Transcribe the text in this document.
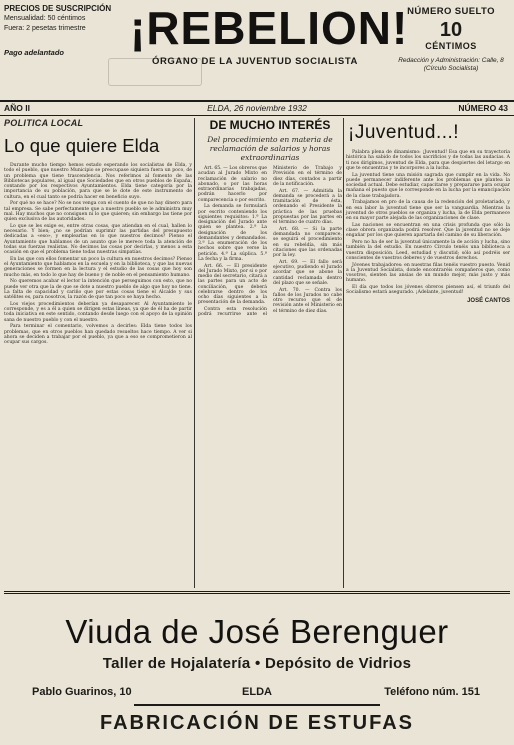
PRECIOS DE SUSCRIPCIÓN
Mensualidad: 50 céntimos
Fuera: 2 pesetas trimestre
Pago adelantado	¡REBELION!
ÓRGANO DE LA JUVENTUD SOCIALISTA
NÚMERO SUELTO
10
CÉNTIMOS
Redacción y Administración: Calle, 8 (Círculo Socialista)
AÑO II	ELDA, 26 noviembre 1932	NÚMERO 43
POLITICA LOCAL
Lo que quiere Elda

Durante mucho tiempo hemos estado esperando los socialistas de Elda, y todo el pueblo, que nuestro Municipio se preocupase siquiera fuera un poco, de un problema que tiene trascendencia. Nos referimos al fomento de las Bibliotecas populares, al igual que Sociedades que en otros pueblos de España, contando por los respectivos Ayuntamientos. Elda tiene categoría por la importancia de su población, para que se le dote de este instrumento de cultura, en el cual tanto se podría hacer en beneficio suyo.

Por qué no se hace? No se nos venga con el cuento de que no hay dinero para tal empresa. Se sabe perfectamente que a nuestro pueblo se le administra muy mal. Hay muchos que no consiguen ni lo que quieren; sin embargo las tiene por quien exclusiva de las autoridades.

Lo que se les exige es, entre otras cosas, que atiendan en el cual, hallen lo necesario. Y bien; ¿no se podrían suprimir las partidas del presupuesto dedicadas a «eso», y emplearlas en lo que nuestros decimos? Pienso el Ayuntamiento que hablamos de un asunto que le merece toda la atención de todas sus fuerzas realistas. No decimos las cosas por decirlas, y menos a esta ocasión en que el problema tiene todas nuestras simpatías.

En las que con ellos fomentar un poco la cultura en nuestros decimos? Pienso el Ayuntamiento que hablamos en la escuela y en la biblioteca, y que las nuevas generaciones se formen en la lectura y el estudio de las cosas que hoy son mucho más, en todo lo que hay de bueno y de noble en el pensamiento humano.

No queremos acabar el lector la intención que perseguimos con esto, que no puede ver otra que la de que se dote a nuestro pueblo de algo que hoy no tiene. La falta de capacidad y cariño que por estas cosas tiene el Alcalde y sus satélites es, para nosotros, la razón de que tan poco se haya hecho.

Los viejos procedimientos deberían ya desaparecer. Al Ayuntamiento le corresponde, y es a él a quien se dirigen estas líneas, ya que de él ha de partir toda iniciativa en este sentido, contando desde luego con el apoyo de la opinión sana de nuestro pueblo y con el nuestro.

Para terminar el comentario, volvemos a decirles: Elda tiene todos los problemas, que en otros pueblos han quedado resueltos hace tiempo. A ver si ahora se deciden a trabajar por el pueblo, ya que a eso se comprometieron al ocupar sus cargos.

DE MUCHO INTERÉS
Del procedimiento en materia de reclamación de salarios y horas extraordinarias

Art. 65. — Los obreros que acudan al Jurado Mixto en reclamación de salario no abonado, o por las horas extraordinarias trabajadas, podrán hacerlo por comparecencia o por escrito.

La demanda se formulará por escrito conteniendo los siguientes requisitos: 1.ª La designación del Jurado ante quien se plantea. 2.ª La designación de los demandantes y demandados. 3.ª La enumeración de los hechos sobre que verse la petición. 4.ª La súplica. 5.ª La fecha y la firma.

Art. 66. — El presidente del Jurado Mixto, por si o por medio del secretario, citará a las partes para un acto de conciliación, que deberá celebrarse dentro de los ocho días siguientes a la presentación de la demanda.

Contra esta resolución podrá recurrirse ante el Ministerio de Trabajo y Previsión en el término de diez días, contados a partir de la notificación.

Art. 67. — Admitida la demanda se procederá a la tramitación de ésta, ordenando el Presidente la práctica de las pruebas propuestas por las partes en el término de cuatro días.

Art. 68. — Si la parte demandada no comparece, se seguirá el procedimiento en su rebeldía, sin más citaciones que las ordenadas por la ley.

Art. 69. — El fallo será ejecutivo, pudiendo el Jurado acordar que se abone la cantidad reclamada dentro del plazo que se señale.

Art. 70. — Contra los fallos de los Jurados no cabe otro recurso que el de revisión ante el Ministerio en el término de diez días.

¡Juventud...!

Palabra plena de dinamismo: ¡Juventud! Esa que en su trayectoria histórica ha sabido de todos los sacrificios y de todas las audacias. A ti nos dirigimos, juventud de Elda, para que despiertes del letargo en que te encuentras y te incorpores a la lucha.

La juventud tiene una misión sagrada que cumplir en la vida. No puede permanecer indiferente ante los problemas que plantea la sociedad actual. Debe estudiar, capacitarse y prepararse para ocupar mañana el puesto que le corresponde en la lucha por la emancipación de la clase trabajadora.

Trabajamos en pro de la causa de la redención del proletariado, y en esa labor la juventud tiene que ser la vanguardia. Mientras la juventud de otros pueblos se organiza y lucha, la de Elda permanece en su mayor parte alejada de las organizaciones de clase.

Las naciones se encuentran en una crisis profunda que sólo la clase obrera organizada podrá resolver. Que la juventud no se deje engañar por los que quieren apartarla del camino de su liberación.

Pero no ha de ser la juventud únicamente la de acción y lucha, sino también la del estudio. En nuestro Círculo tenéis una biblioteca a vuestra disposición. Leed, estudiad y discutid; sólo así podréis ser conscientes de vuestros deberes y de vuestros derechos.

Jóvenes trabajadores: en nuestras filas tenéis vuestro puesto. Venid a la Juventud Socialista, donde encontraréis compañeros que, como vosotros, sienten las ansias de un mundo mejor, más justo y más humano.

El día que todos los jóvenes obreros piensen así, el triunfo del Socialismo estará asegurado. ¡Adelante, juventud!

JOSÉ CANTOS
Viuda de José Berenguer
Taller de Hojalatería • Depósito de Vidrios
Pablo Guarinos, 10	ELDA	Teléfono núm. 151
FABRICACIÓN DE ESTUFAS
